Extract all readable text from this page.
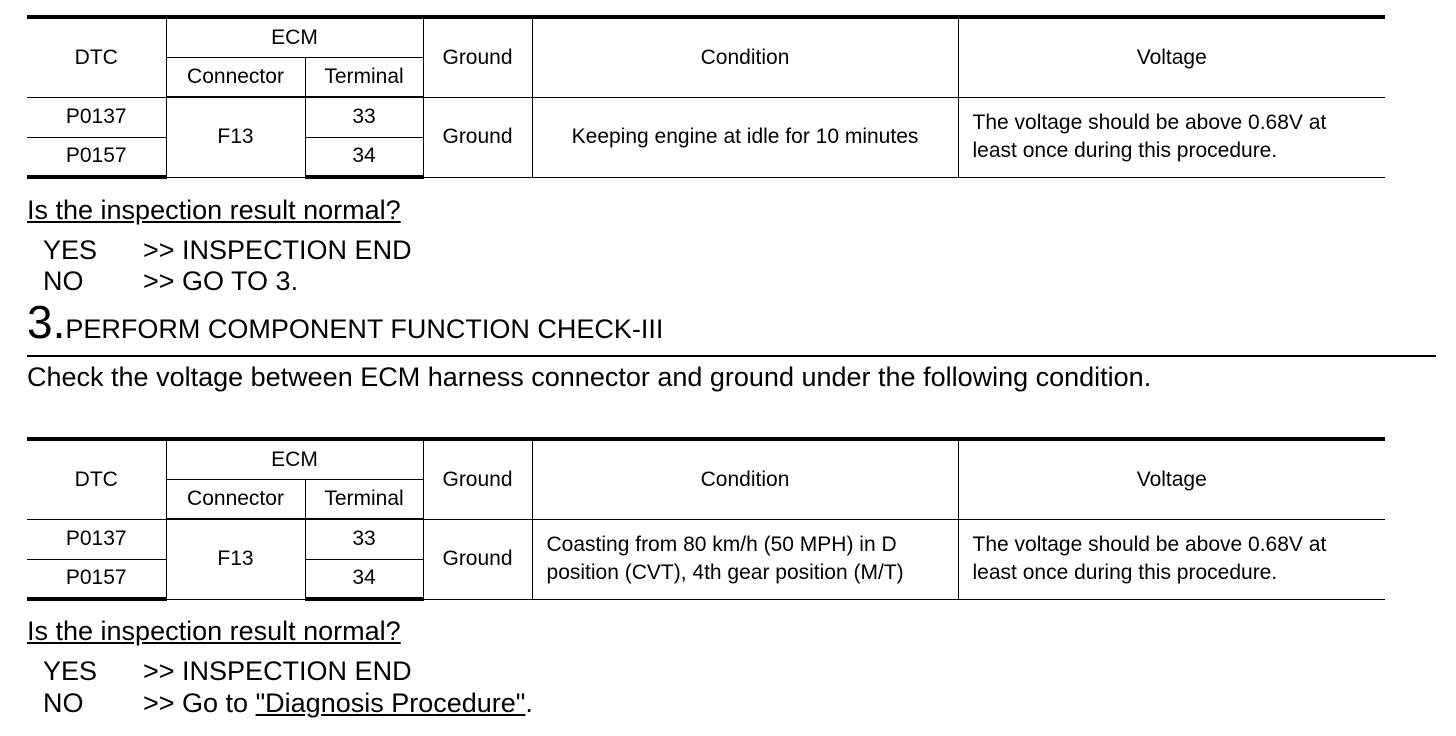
DTC	ECM		Ground	Condition	Voltage
	Connector	Terminal			
P0137	F13	33	Ground	Keeping engine at idle for 10 minutes	The voltage should be above 0.68V at
least once during this procedure.
P0157		34			
Is the inspection result normal?
YES >> INSPECTION END
NO >> GO TO 3.
3.PERFORM COMPONENT FUNCTION CHECK-III
Check the voltage between ECM harness connector and ground under the following condition.
DTC	ECM		Ground	Condition	Voltage
	Connector	Terminal			
P0137	F13	33	Ground	Coasting from 80 km/h (50 MPH) in D
position (CVT), 4th gear position (M/T)	The voltage should be above 0.68V at
least once during this procedure.
P0157		34			
Is the inspection result normal?
YES >> INSPECTION END
NO >> Go to "Diagnosis Procedure".
